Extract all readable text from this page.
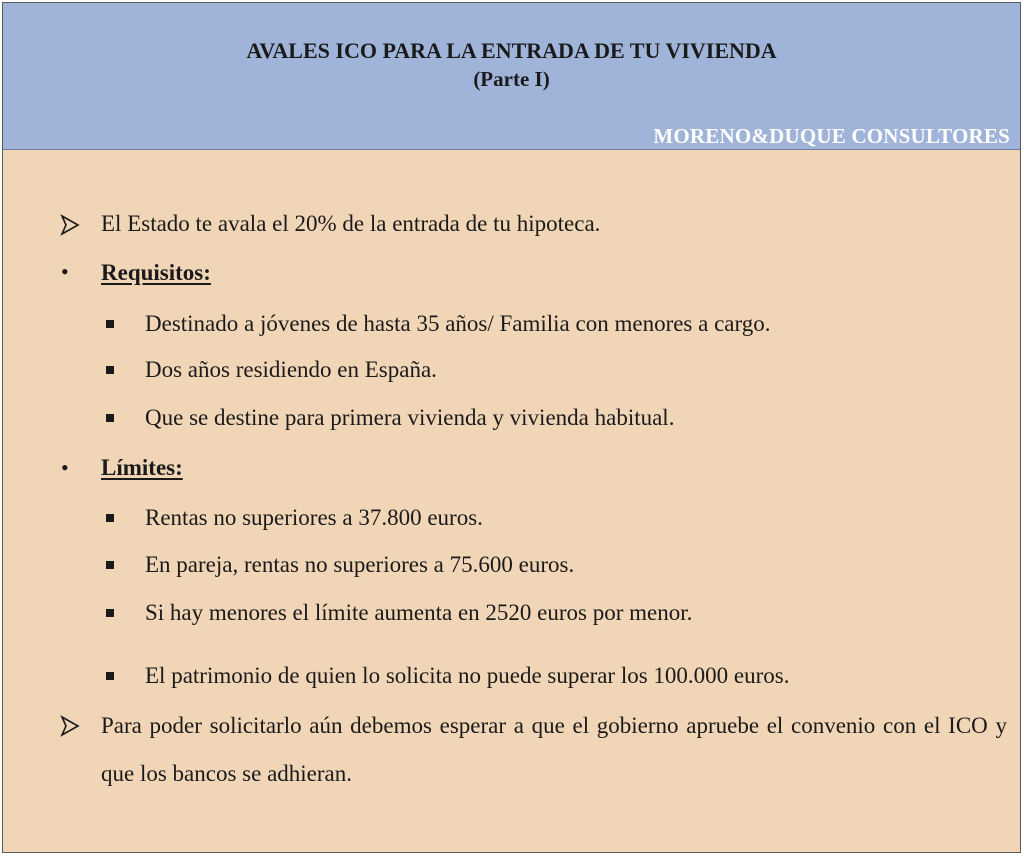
AVALES ICO PARA LA ENTRADA DE TU VIVIENDA
(Parte I)
MORENO&DUQUE CONSULTORES
El Estado te avala el 20% de la entrada de tu hipoteca.
• Requisitos:
Destinado a jóvenes de hasta 35 años/ Familia con menores a cargo.
Dos años residiendo en España.
Que se destine para primera vivienda y vivienda habitual.
• Límites:
Rentas no superiores a 37.800 euros.
En pareja, rentas no superiores a 75.600 euros.
Si hay menores el límite aumenta en 2520 euros por menor.
El patrimonio de quien lo solicita no puede superar los 100.000 euros.
Para poder solicitarlo aún debemos esperar a que el gobierno apruebe el convenio con el ICO y que los bancos se adhieran.
